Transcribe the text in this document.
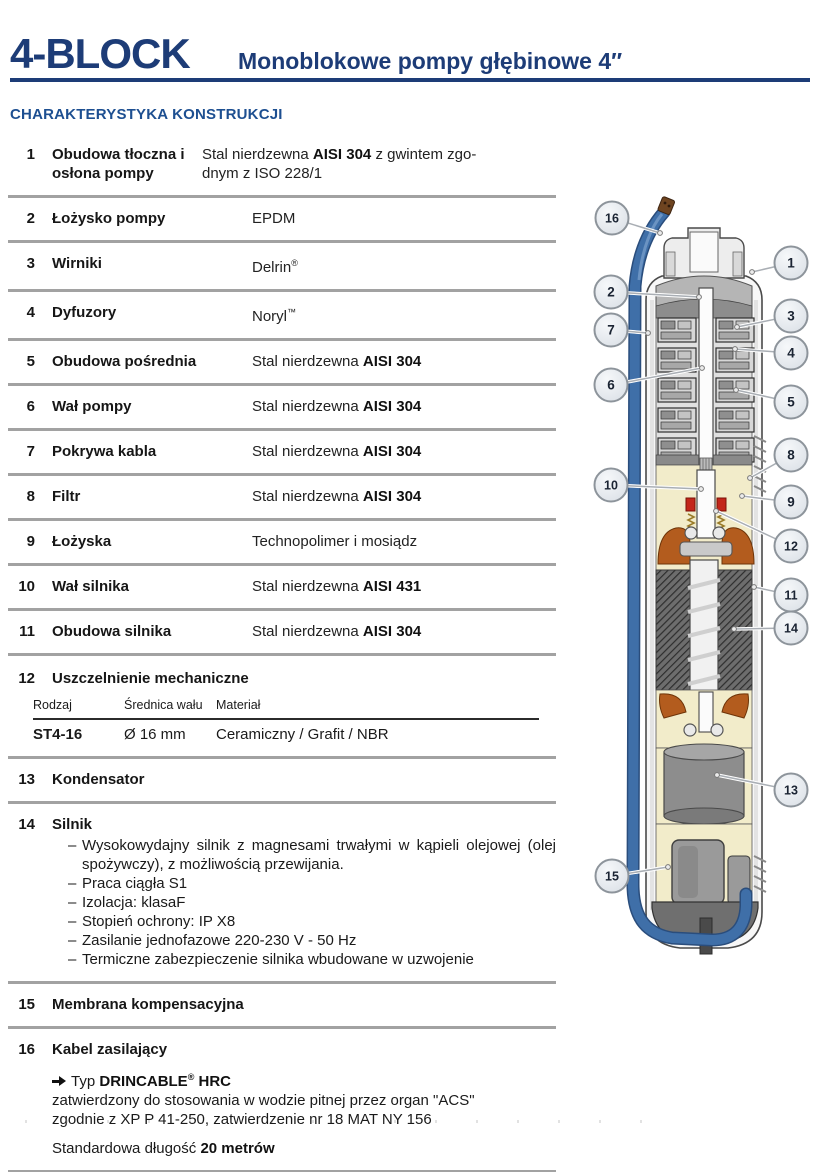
4-BLOCK Monoblokowe pompy głębinowe 4″
CHARAKTERYSTYKA KONSTRUKCJI
1 Obudowa tłoczna i osłona pompy
Stal nierdzewna AISI 304 z gwintem zgodnym z ISO 228/1
2 Łożysko pompy	EPDM
3 Wirniki	Delrin®
4 Dyfuzory	Noryl™
5 Obudowa pośrednia	Stal nierdzewna AISI 304
6 Wał pompy	Stal nierdzewna AISI 304
7 Pokrywa kabla	Stal nierdzewna AISI 304
8 Filtr	Stal nierdzewna AISI 304
9 Łożyska	Technopolimer i mosiądz
10 Wał silnika	Stal nierdzewna AISI 431
11 Obudowa silnika	Stal nierdzewna AISI 304
12 Uszczelnienie mechaniczne
Rodzaj	Średnica wału	Materiał
ST4-16	Ø 16 mm	Ceramiczny / Grafit / NBR
13 Kondensator
14 Silnik
– Wysokowydajny silnik z magnesami trwałymi w kąpieli olejowej (olej spożywczy), z możliwością przewijania.
– Praca ciągła S1
– Izolacja: klasaF
– Stopień ochrony: IP X8
– Zasilanie jednofazowe 220-230 V - 50 Hz
– Termiczne zabezpieczenie silnika wbudowane w uzwojenie
15 Membrana kompensacyjna
16 Kabel zasilający
Typ DRINCABLE® HRC
zatwierdzony do stosowania w wodzie pitnej przez organ "ACS"
zgodnie z XP P 41-250, zatwierdzenie nr 18 MAT NY 156
Standardowa długość 20 metrów
16
1
2
3
7
4
6
5
8
10
9
12
11
14
13
15
